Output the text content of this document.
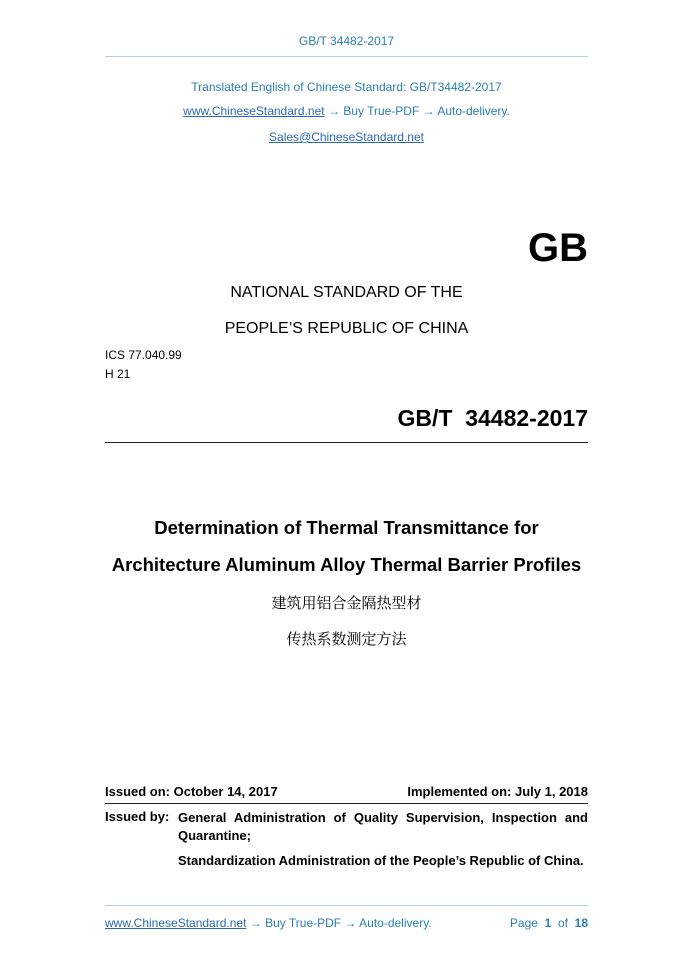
GB/T 34482-2017
Translated English of Chinese Standard: GB/T34482-2017
www.ChineseStandard.net → Buy True-PDF → Auto-delivery.
Sales@ChineseStandard.net
GB
NATIONAL STANDARD OF THE
PEOPLE’S REPUBLIC OF CHINA
ICS 77.040.99
H 21
GB/T  34482-2017
Determination of Thermal Transmittance for
Architecture Aluminum Alloy Thermal Barrier Profiles
建筑用铝合金隔热型材
传热系数测定方法
Issued on: October 14, 2017	Implemented on: July 1, 2018
Issued by: General Administration of Quality Supervision, Inspection and Quarantine;
Standardization Administration of the People’s Republic of China.
www.ChineseStandard.net → Buy True-PDF → Auto-delivery.	Page 1 of 18
